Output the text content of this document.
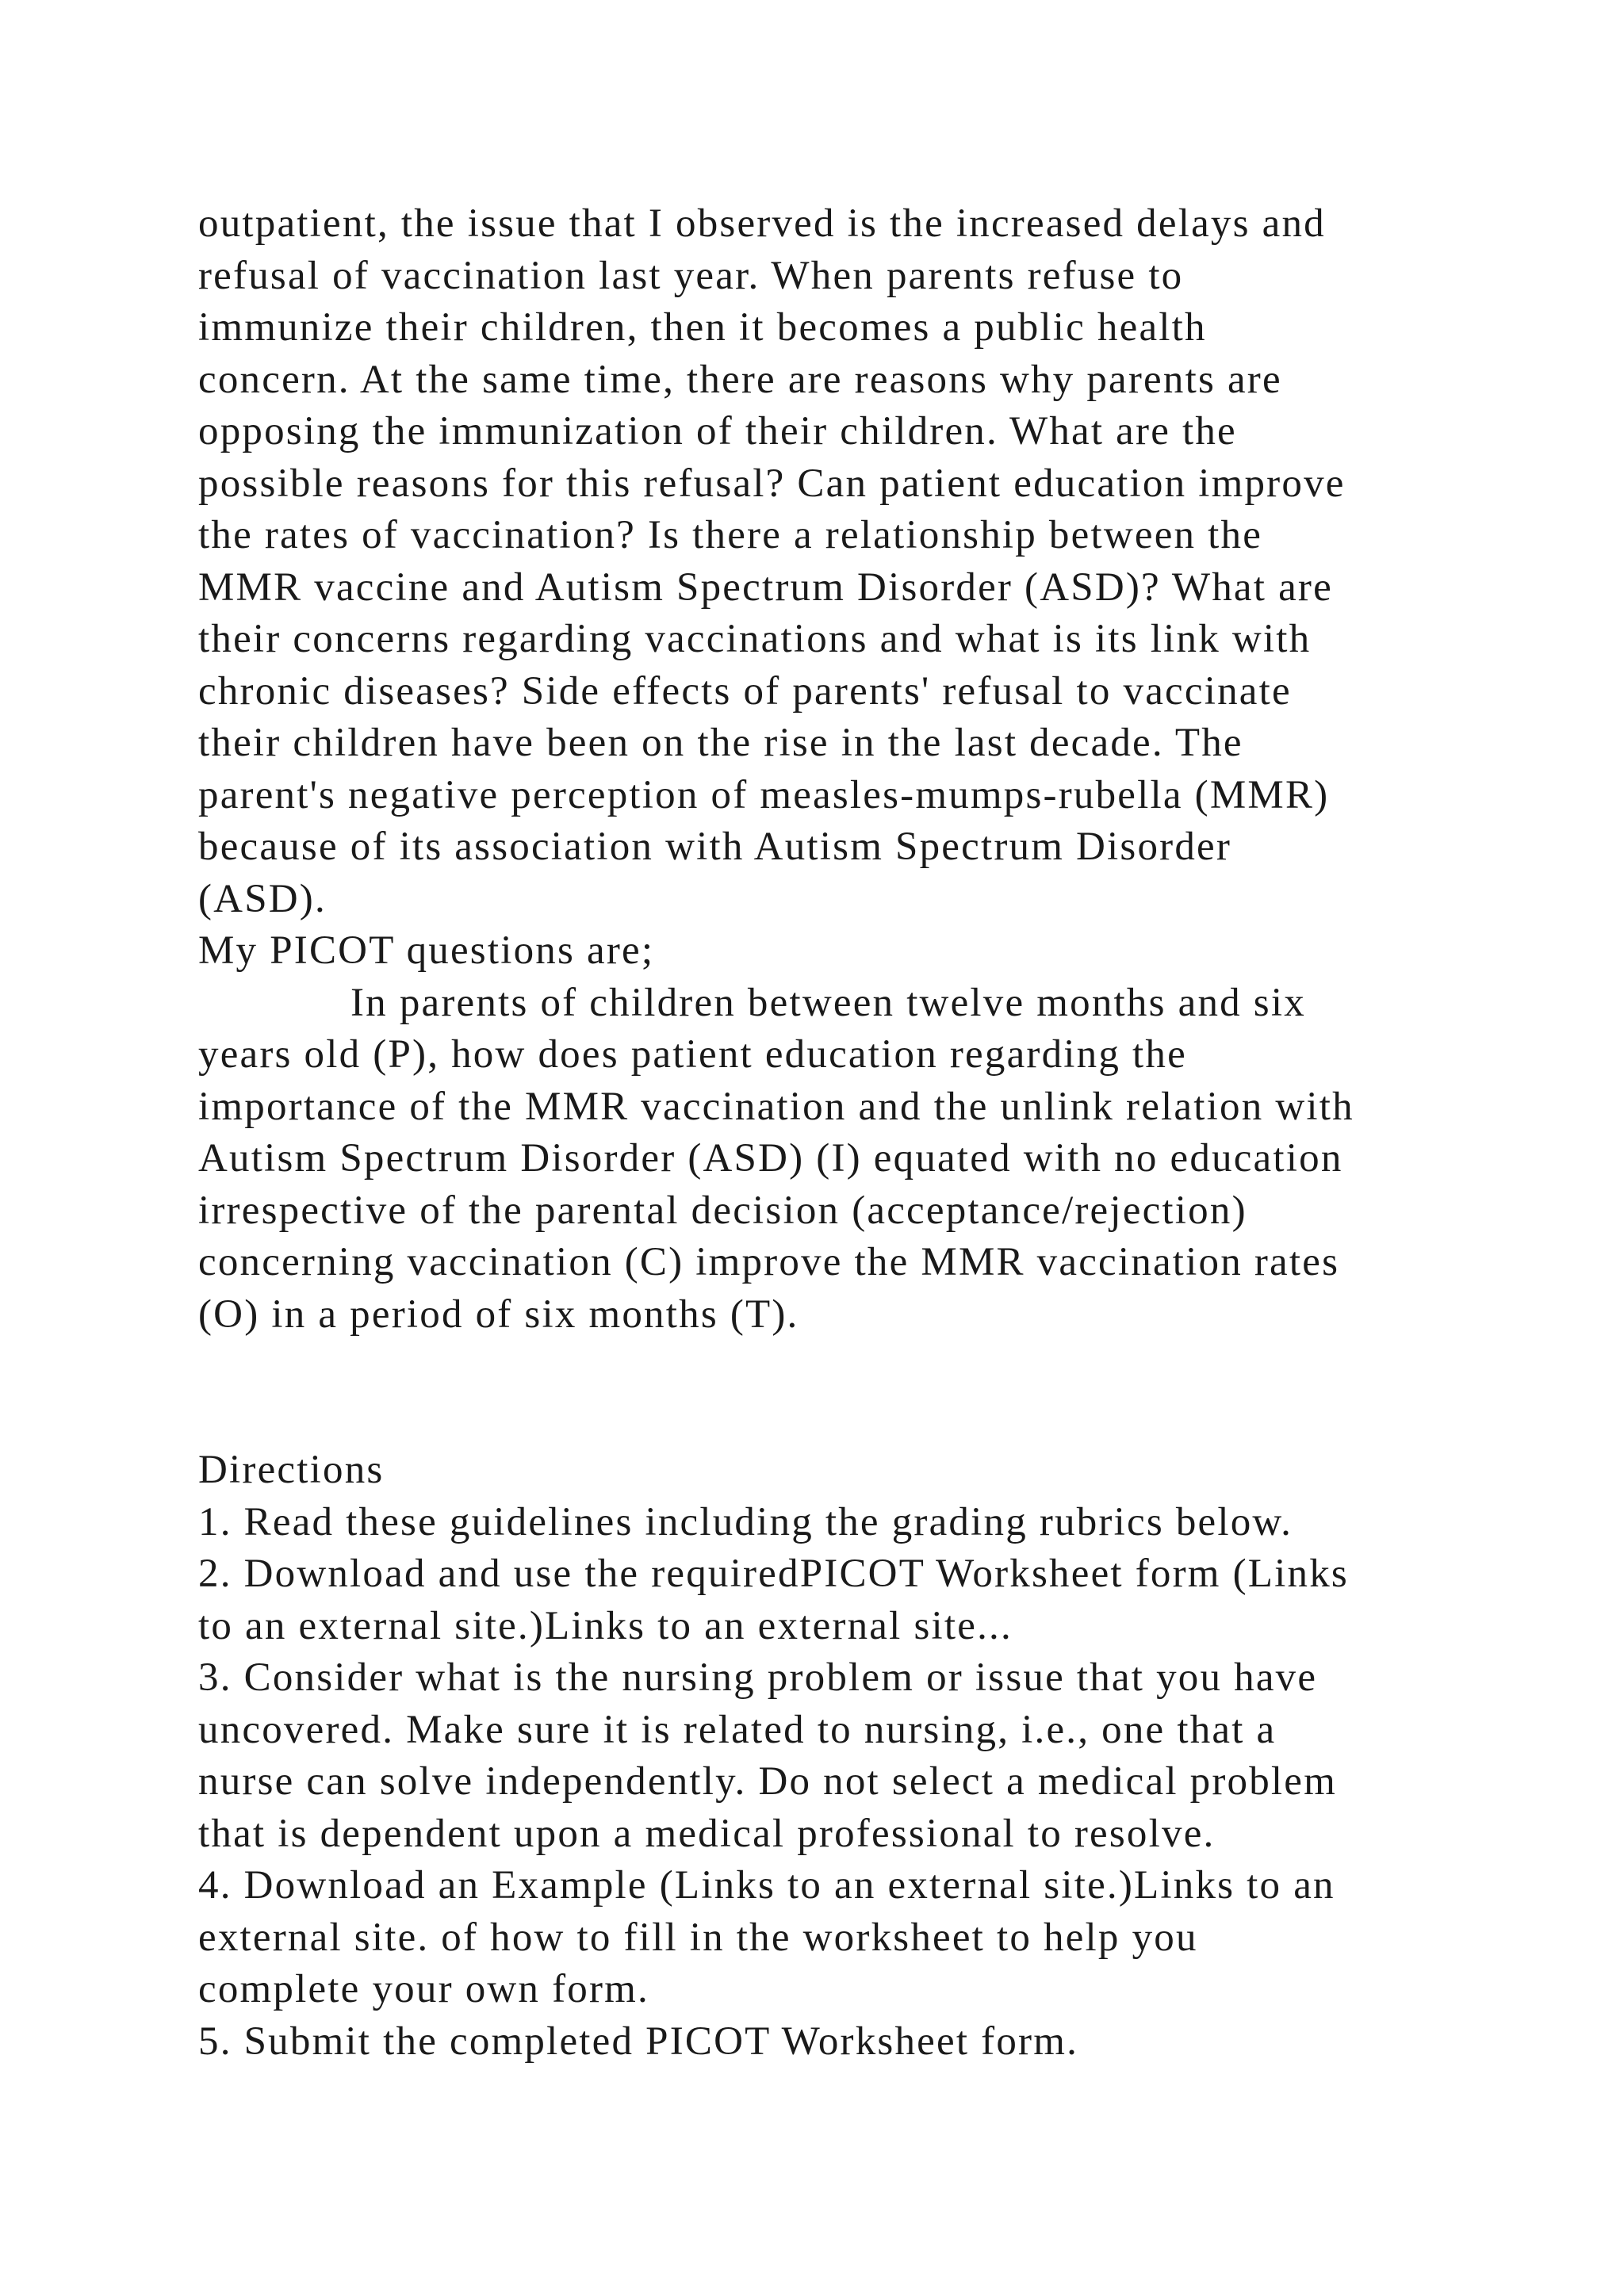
outpatient, the issue that I observed is the increased delays and
refusal of vaccination last year. When parents refuse to
immunize their children, then it becomes a public health
concern. At the same time, there are reasons why parents are
opposing the immunization of their children. What are the
possible reasons for this refusal? Can patient education improve
the rates of vaccination? Is there a relationship between the
MMR vaccine and Autism Spectrum Disorder (ASD)? What are
their concerns regarding vaccinations and what is its link with
chronic diseases? Side effects of parents' refusal to vaccinate
their children have been on the rise in the last decade. The
parent's negative perception of measles-mumps-rubella (MMR)
because of its association with Autism Spectrum Disorder
(ASD).
My PICOT questions are;
In parents of children between twelve months and six
years old (P), how does patient education regarding the
importance of the MMR vaccination and the unlink relation with
Autism Spectrum Disorder (ASD) (I) equated with no education
irrespective of the parental decision (acceptance/rejection)
concerning vaccination (C) improve the MMR vaccination rates
(O) in a period of six months (T).
Directions
1. Read these guidelines including the grading rubrics below.
2. Download and use the requiredPICOT Worksheet form (Links
to an external site.)Links to an external site...
3. Consider what is the nursing problem or issue that you have
uncovered. Make sure it is related to nursing, i.e., one that a
nurse can solve independently. Do not select a medical problem
that is dependent upon a medical professional to resolve.
4. Download an Example (Links to an external site.)Links to an
external site. of how to fill in the worksheet to help you
complete your own form.
5. Submit the completed PICOT Worksheet form.
